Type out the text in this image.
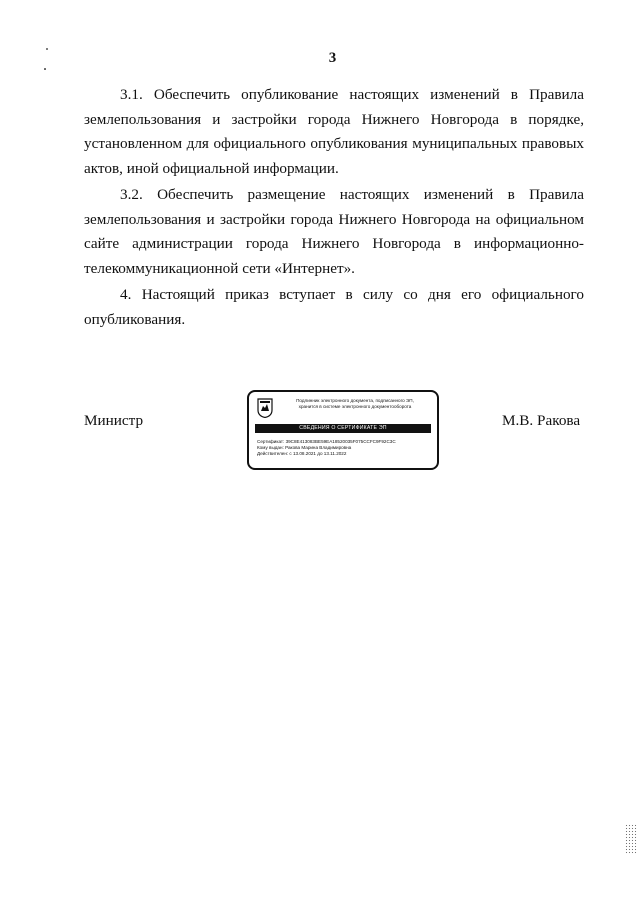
3

3.1. Обеспечить опубликование настоящих изменений в Правила землепользования и застройки города Нижнего Новгорода в порядке, установленном для официального опубликования муниципальных правовых актов, иной официальной информации.

3.2. Обеспечить размещение настоящих изменений в Правила землепользования и застройки города Нижнего Новгорода на официальном сайте администрации города Нижнего Новгорода в информационно-телекоммуникационной сети «Интернет».

4. Настоящий приказ вступает в силу со дня его официального опубликования.

Министр
Подлинник электронного документа, подписанного ЭП,
хранится в системе электронного документооборота
СВЕДЕНИЯ О СЕРТИФИКАТЕ ЭП
Сертификат: 39C8E413083BE59EA18520035F075CCFC9F92C3C
Кому выдан: Ракова Марина Владимировна
Действителен: с 13.08.2021 до 13.11.2022
М.В. Ракова
